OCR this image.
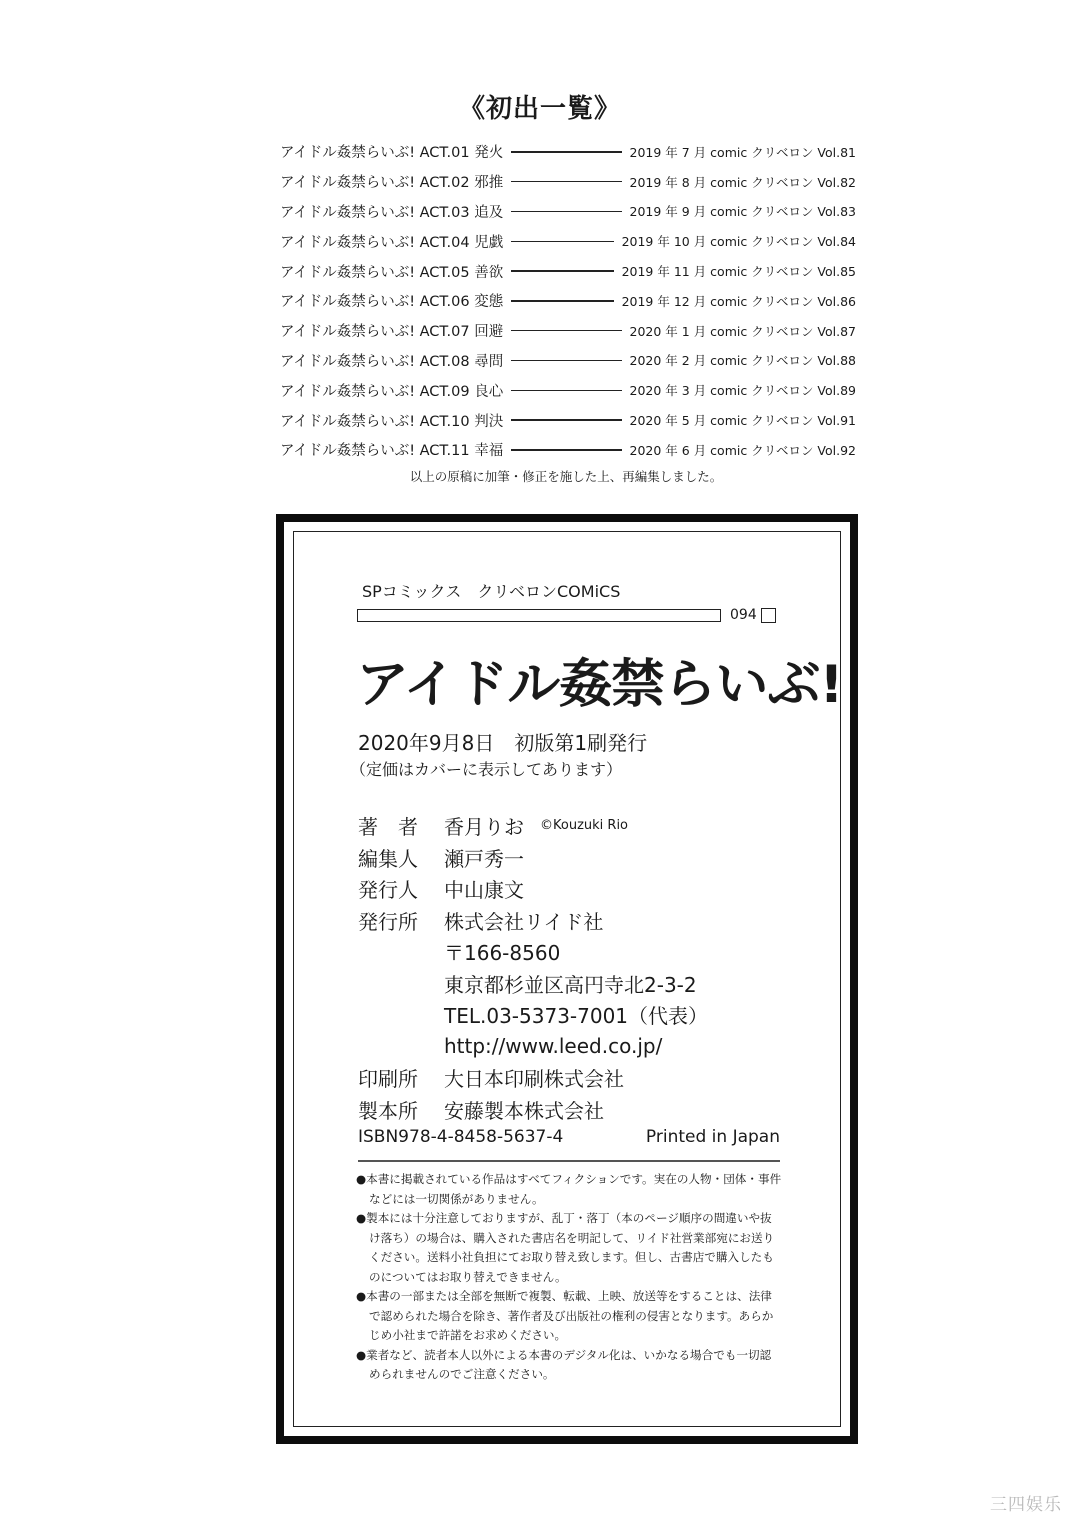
《初出一覧》
アイドル姦禁らいぶ! ACT.01 発火	2019 年 7 月 comic クリベロン Vol.81
アイドル姦禁らいぶ! ACT.02 邪推	2019 年 8 月 comic クリベロン Vol.82
アイドル姦禁らいぶ! ACT.03 追及	2019 年 9 月 comic クリベロン Vol.83
アイドル姦禁らいぶ! ACT.04 児戯	2019 年 10 月 comic クリベロン Vol.84
アイドル姦禁らいぶ! ACT.05 善欲	2019 年 11 月 comic クリベロン Vol.85
アイドル姦禁らいぶ! ACT.06 変態	2019 年 12 月 comic クリベロン Vol.86
アイドル姦禁らいぶ! ACT.07 回避	2020 年 1 月 comic クリベロン Vol.87
アイドル姦禁らいぶ! ACT.08 尋問	2020 年 2 月 comic クリベロン Vol.88
アイドル姦禁らいぶ! ACT.09 良心	2020 年 3 月 comic クリベロン Vol.89
アイドル姦禁らいぶ! ACT.10 判決	2020 年 5 月 comic クリベロン Vol.91
アイドル姦禁らいぶ! ACT.11 幸福	2020 年 6 月 comic クリベロン Vol.92
以上の原稿に加筆・修正を施した上、再編集しました。
SPコミックス　クリベロンCOMiCS
094
アイドル姦禁らいぶ!
2020年9月8日　初版第1刷発行
（定価はカバーに表示してあります）
著　者	香月りお ©Kouzuki Rio
編集人	瀬戸秀一
発行人	中山康文
発行所	株式会社リイド社
〒166-8560
東京都杉並区高円寺北2-3-2
TEL.03-5373-7001（代表）
http://www.leed.co.jp/
印刷所	大日本印刷株式会社
製本所	安藤製本株式会社
ISBN978-4-8458-5637-4	Printed in Japan
●本書に掲載されている作品はすべてフィクションです。実在の人物・団体・事件などには一切関係がありません。
●製本には十分注意しておりますが、乱丁・落丁（本のページ順序の間違いや抜け落ち）の場合は、購入された書店名を明記して、リイド社営業部宛にお送りください。送料小社負担にてお取り替え致します。但し、古書店で購入したものについてはお取り替えできません。
●本書の一部または全部を無断で複製、転載、上映、放送等をすることは、法律で認められた場合を除き、著作者及び出版社の権利の侵害となります。あらかじめ小社まで許諾をお求めください。
●業者など、読者本人以外による本書のデジタル化は、いかなる場合でも一切認められませんのでご注意ください。
三四娱乐
